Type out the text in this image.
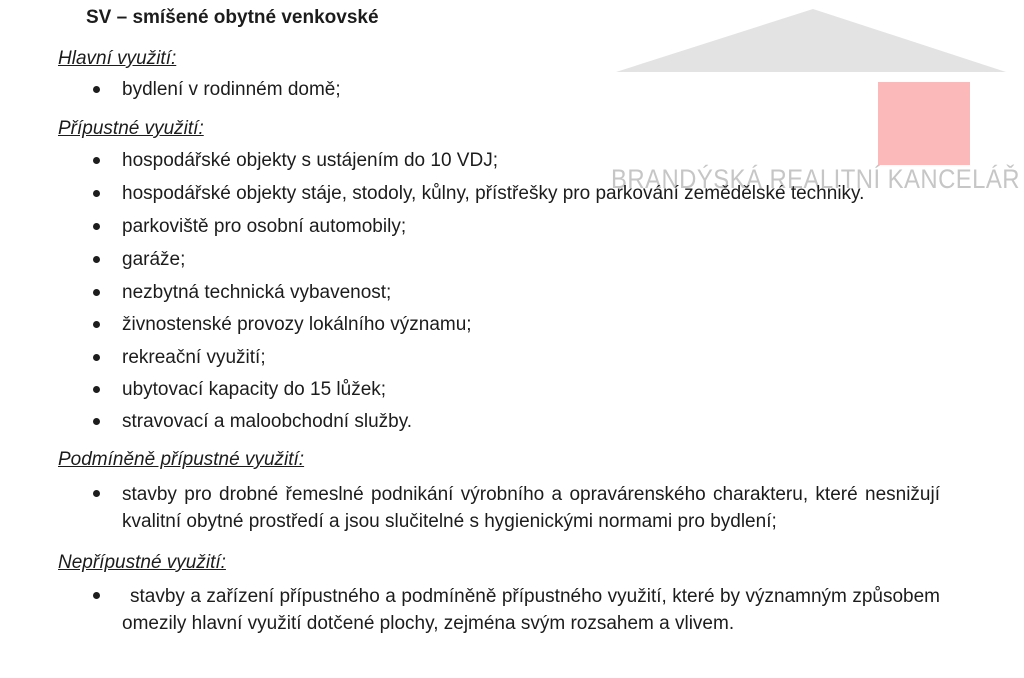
BRANDÝSKÁ REALITNÍ KANCELÁŘ
SV – smíšené obytné venkovské
Hlavní využití:
bydlení v rodinném domě;
Přípustné využití:
hospodářské objekty s ustájením do 10 VDJ;
hospodářské objekty stáje, stodoly, kůlny, přístřešky pro parkování zemědělské techniky.
parkoviště pro osobní automobily;
garáže;
nezbytná technická vybavenost;
živnostenské provozy lokálního významu;
rekreační využití;
ubytovací kapacity do 15 lůžek;
stravovací a maloobchodní služby.
Podmíněně přípustné využití:
stavby pro drobné řemeslné podnikání výrobního a opravárenského charakteru, které nesnižují kvalitní obytné prostředí a jsou slučitelné s hygienickými normami pro bydlení;
Nepřípustné využití:
stavby a zařízení přípustného a podmíněně přípustného využití, které by významným způsobem omezily hlavní využití dotčené plochy, zejména svým rozsahem a vlivem.
